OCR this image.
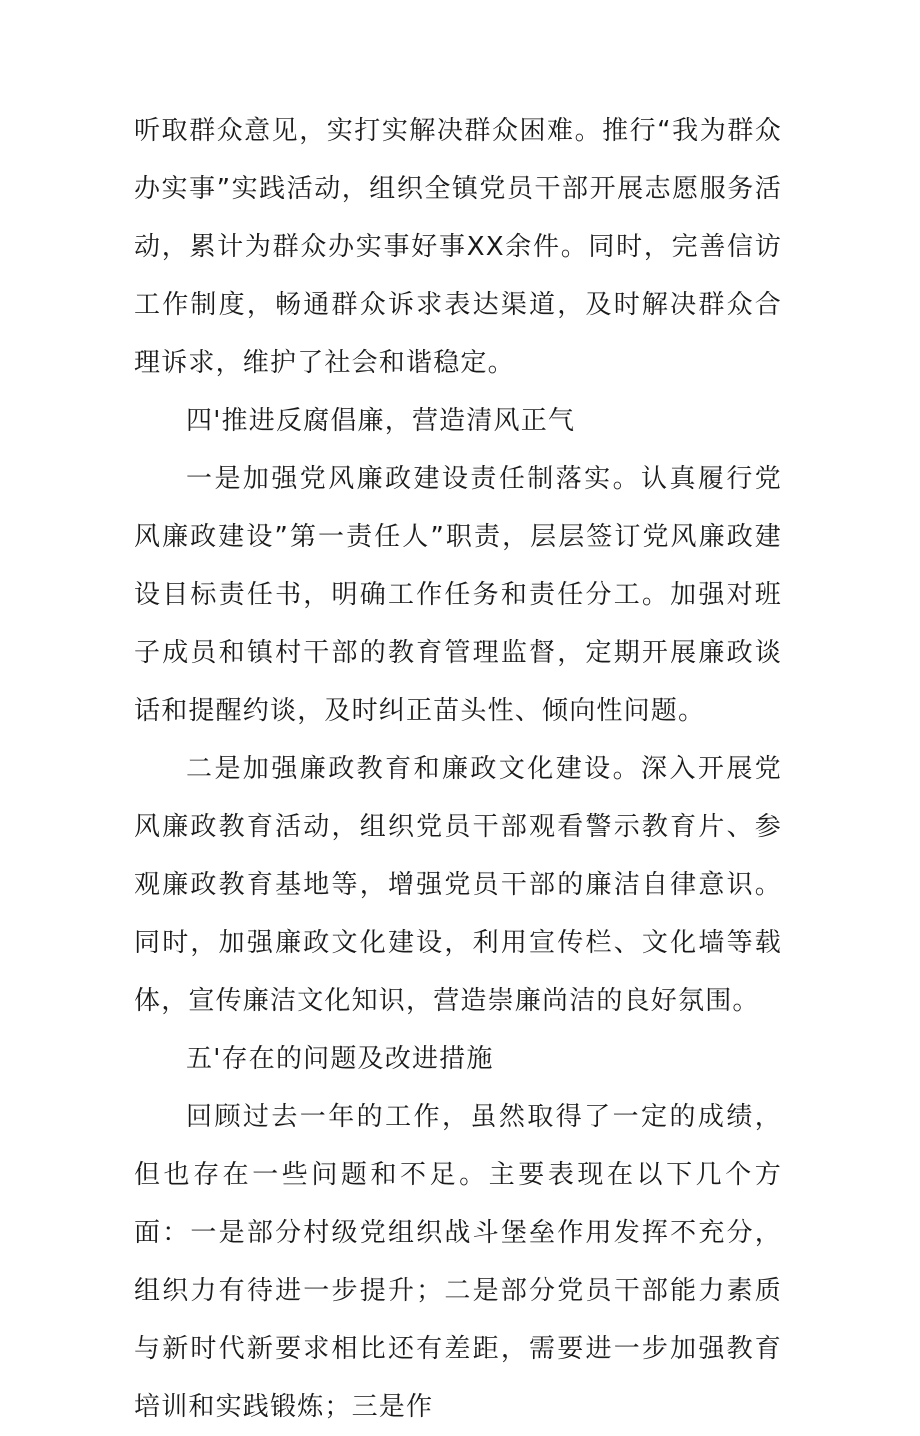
听取群众意见，实打实解决群众困难。推行“我为群众办实事”实践活动，组织全镇党员干部开展志愿服务活动，累计为群众办实事好事XX余件。同时，完善信访工作制度，畅通群众诉求表达渠道，及时解决群众合理诉求，维护了社会和谐稳定。

四'推进反腐倡廉，营造清风正气

一是加强党风廉政建设责任制落实。认真履行党风廉政建设”第一责任人”职责，层层签订党风廉政建设目标责任书，明确工作任务和责任分工。加强对班子成员和镇村干部的教育管理监督，定期开展廉政谈话和提醒约谈，及时纠正苗头性、倾向性问题。

二是加强廉政教育和廉政文化建设。深入开展党风廉政教育活动，组织党员干部观看警示教育片、参观廉政教育基地等，增强党员干部的廉洁自律意识。同时，加强廉政文化建设，利用宣传栏、文化墙等载体，宣传廉洁文化知识，营造崇廉尚洁的良好氛围。

五'存在的问题及改进措施

回顾过去一年的工作，虽然取得了一定的成绩，但也存在一些问题和不足。主要表现在以下几个方面：一是部分村级党组织战斗堡垒作用发挥不充分，组织力有待进一步提升；二是部分党员干部能力素质与新时代新要求相比还有差距，需要进一步加强教育培训和实践锻炼；三是作
